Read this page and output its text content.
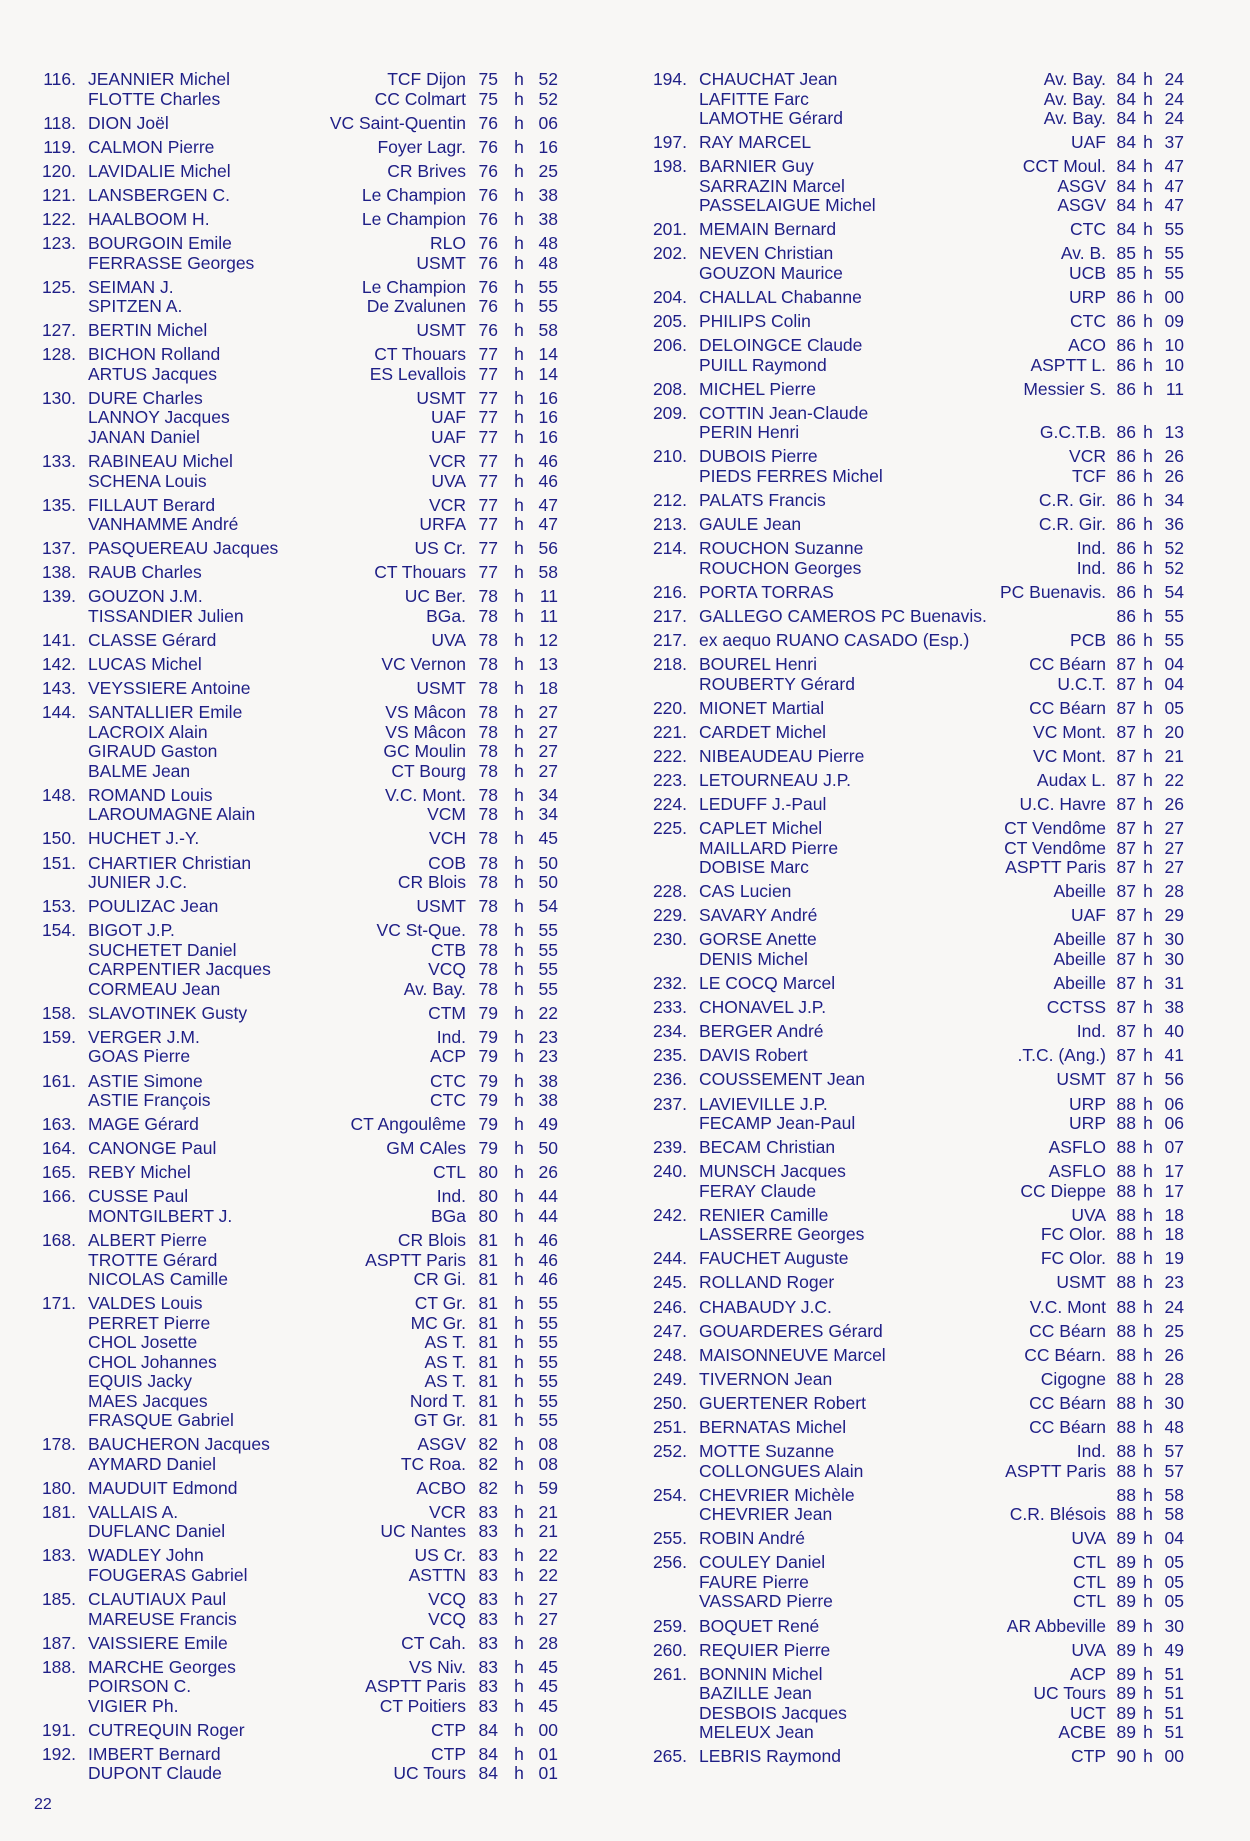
116. JEANNIER Michel	TCF Dijon 75 h 52
FLOTTE Charles	CC Colmart 75 h 52
118. DION Joël	VC Saint-Quentin 76 h 06
119. CALMON Pierre	Foyer Lagr. 76 h 16
120. LAVIDALIE Michel	CR Brives 76 h 25
121. LANSBERGEN C.	Le Champion 76 h 38
122. HAALBOOM H.	Le Champion 76 h 38
123. BOURGOIN Emile	RLO 76 h 48
FERRASSE Georges	USMT 76 h 48
125. SEIMAN J.	Le Champion 76 h 55
SPITZEN A.	De Zvalunen 76 h 55
127. BERTIN Michel	USMT 76 h 58
128. BICHON Rolland	CT Thouars 77 h 14
ARTUS Jacques	ES Levallois 77 h 14
130. DURE Charles	USMT 77 h 16
LANNOY Jacques	UAF 77 h 16
JANAN Daniel	UAF 77 h 16
133. RABINEAU Michel	VCR 77 h 46
SCHENA Louis	UVA 77 h 46
135. FILLAUT Berard	VCR 77 h 47
VANHAMME André	URFA 77 h 47
137. PASQUEREAU Jacques	US Cr. 77 h 56
138. RAUB Charles	CT Thouars 77 h 58
139. GOUZON J.M.	UC Ber. 78 h 11
TISSANDIER Julien	BGa. 78 h 11
141. CLASSE Gérard	UVA 78 h 12
142. LUCAS Michel	VC Vernon 78 h 13
143. VEYSSIERE Antoine	USMT 78 h 18
144. SANTALLIER Emile	VS Mâcon 78 h 27
LACROIX Alain	VS Mâcon 78 h 27
GIRAUD Gaston	GC Moulin 78 h 27
BALME Jean	CT Bourg 78 h 27
148. ROMAND Louis	V.C. Mont. 78 h 34
LAROUMAGNE Alain	VCM 78 h 34
150. HUCHET J.-Y.	VCH 78 h 45
151. CHARTIER Christian	COB 78 h 50
JUNIER J.C.	CR Blois 78 h 50
153. POULIZAC Jean	USMT 78 h 54
154. BIGOT J.P.	VC St-Que. 78 h 55
SUCHETET Daniel	CTB 78 h 55
CARPENTIER Jacques	VCQ 78 h 55
CORMEAU Jean	Av. Bay. 78 h 55
158. SLAVOTINEK Gusty	CTM 79 h 22
159. VERGER J.M.	Ind. 79 h 23
GOAS Pierre	ACP 79 h 23
161. ASTIE Simone	CTC 79 h 38
ASTIE François	CTC 79 h 38
163. MAGE Gérard	CT Angoulême 79 h 49
164. CANONGE Paul	GM CAles 79 h 50
165. REBY Michel	CTL 80 h 26
166. CUSSE Paul	Ind. 80 h 44
MONTGILBERT J.	BGa 80 h 44
168. ALBERT Pierre	CR Blois 81 h 46
TROTTE Gérard	ASPTT Paris 81 h 46
NICOLAS Camille	CR Gi. 81 h 46
171. VALDES Louis	CT Gr. 81 h 55
PERRET Pierre	MC Gr. 81 h 55
CHOL Josette	AS T. 81 h 55
CHOL Johannes	AS T. 81 h 55
EQUIS Jacky	AS T. 81 h 55
MAES Jacques	Nord T. 81 h 55
FRASQUE Gabriel	GT Gr. 81 h 55
178. BAUCHERON Jacques	ASGV 82 h 08
AYMARD Daniel	TC Roa. 82 h 08
180. MAUDUIT Edmond	ACBO 82 h 59
181. VALLAIS A.	VCR 83 h 21
DUFLANC Daniel	UC Nantes 83 h 21
183. WADLEY John	US Cr. 83 h 22
FOUGERAS Gabriel	ASTTN 83 h 22
185. CLAUTIAUX Paul	VCQ 83 h 27
MAREUSE Francis	VCQ 83 h 27
187. VAISSIERE Emile	CT Cah. 83 h 28
188. MARCHE Georges	VS Niv. 83 h 45
POIRSON C.	ASPTT Paris 83 h 45
VIGIER Ph.	CT Poitiers 83 h 45
191. CUTREQUIN Roger	CTP 84 h 00
192. IMBERT Bernard	CTP 84 h 01
DUPONT Claude	UC Tours 84 h 01
194. CHAUCHAT Jean	Av. Bay. 84 h 24
LAFITTE Farc	Av. Bay. 84 h 24
LAMOTHE Gérard	Av. Bay. 84 h 24
197. RAY MARCEL	UAF 84 h 37
198. BARNIER Guy	CCT Moul. 84 h 47
SARRAZIN Marcel	ASGV 84 h 47
PASSELAIGUE Michel	ASGV 84 h 47
201. MEMAIN Bernard	CTC 84 h 55
202. NEVEN Christian	Av. B. 85 h 55
GOUZON Maurice	UCB 85 h 55
204. CHALLAL Chabanne	URP 86 h 00
205. PHILIPS Colin	CTC 86 h 09
206. DELOINGCE Claude	ACO 86 h 10
PUILL Raymond	ASPTT L. 86 h 10
208. MICHEL Pierre	Messier S. 86 h 11
209. COTTIN Jean-Claude
PERIN Henri	G.C.T.B. 86 h 13
210. DUBOIS Pierre	VCR 86 h 26
PIEDS FERRES Michel	TCF 86 h 26
212. PALATS Francis	C.R. Gir. 86 h 34
213. GAULE Jean	C.R. Gir. 86 h 36
214. ROUCHON Suzanne	Ind. 86 h 52
ROUCHON Georges	Ind. 86 h 52
216. PORTA TORRAS	PC Buenavis. 86 h 54
217. GALLEGO CAMEROS PC Buenavis.	86 h 55
217. ex aequo RUANO CASADO (Esp.)	PCB 86 h 55
218. BOUREL Henri	CC Béarn 87 h 04
ROUBERTY Gérard	U.C.T. 87 h 04
220. MIONET Martial	CC Béarn 87 h 05
221. CARDET Michel	VC Mont. 87 h 20
222. NIBEAUDEAU Pierre	VC Mont. 87 h 21
223. LETOURNEAU J.P.	Audax L. 87 h 22
224. LEDUFF J.-Paul	U.C. Havre 87 h 26
225. CAPLET Michel	CT Vendôme 87 h 27
MAILLARD Pierre	CT Vendôme 87 h 27
DOBISE Marc	ASPTT Paris 87 h 27
228. CAS Lucien	Abeille 87 h 28
229. SAVARY André	UAF 87 h 29
230. GORSE Anette	Abeille 87 h 30
DENIS Michel	Abeille 87 h 30
232. LE COCQ Marcel	Abeille 87 h 31
233. CHONAVEL J.P.	CCTSS 87 h 38
234. BERGER André	Ind. 87 h 40
235. DAVIS Robert	.T.C. (Ang.) 87 h 41
236. COUSSEMENT Jean	USMT 87 h 56
237. LAVIEVILLE J.P.	URP 88 h 06
FECAMP Jean-Paul	URP 88 h 06
239. BECAM Christian	ASFLO 88 h 07
240. MUNSCH Jacques	ASFLO 88 h 17
FERAY Claude	CC Dieppe 88 h 17
242. RENIER Camille	UVA 88 h 18
LASSERRE Georges	FC Olor. 88 h 18
244. FAUCHET Auguste	FC Olor. 88 h 19
245. ROLLAND Roger	USMT 88 h 23
246. CHABAUDY J.C.	V.C. Mont 88 h 24
247. GOUARDERES Gérard	CC Béarn 88 h 25
248. MAISONNEUVE Marcel	CC Béarn. 88 h 26
249. TIVERNON Jean	Cigogne 88 h 28
250. GUERTENER Robert	CC Béarn 88 h 30
251. BERNATAS Michel	CC Béarn 88 h 48
252. MOTTE Suzanne	Ind. 88 h 57
COLLONGUES Alain	ASPTT Paris 88 h 57
254. CHEVRIER Michèle	88 h 58
CHEVRIER Jean	C.R. Blésois 88 h 58
255. ROBIN André	UVA 89 h 04
256. COULEY Daniel	CTL 89 h 05
FAURE Pierre	CTL 89 h 05
VASSARD Pierre	CTL 89 h 05
259. BOQUET René	AR Abbeville 89 h 30
260. REQUIER Pierre	UVA 89 h 49
261. BONNIN Michel	ACP 89 h 51
BAZILLE Jean	UC Tours 89 h 51
DESBOIS Jacques	UCT 89 h 51
MELEUX Jean	ACBE 89 h 51
265. LEBRIS Raymond	CTP 90 h 00
22
